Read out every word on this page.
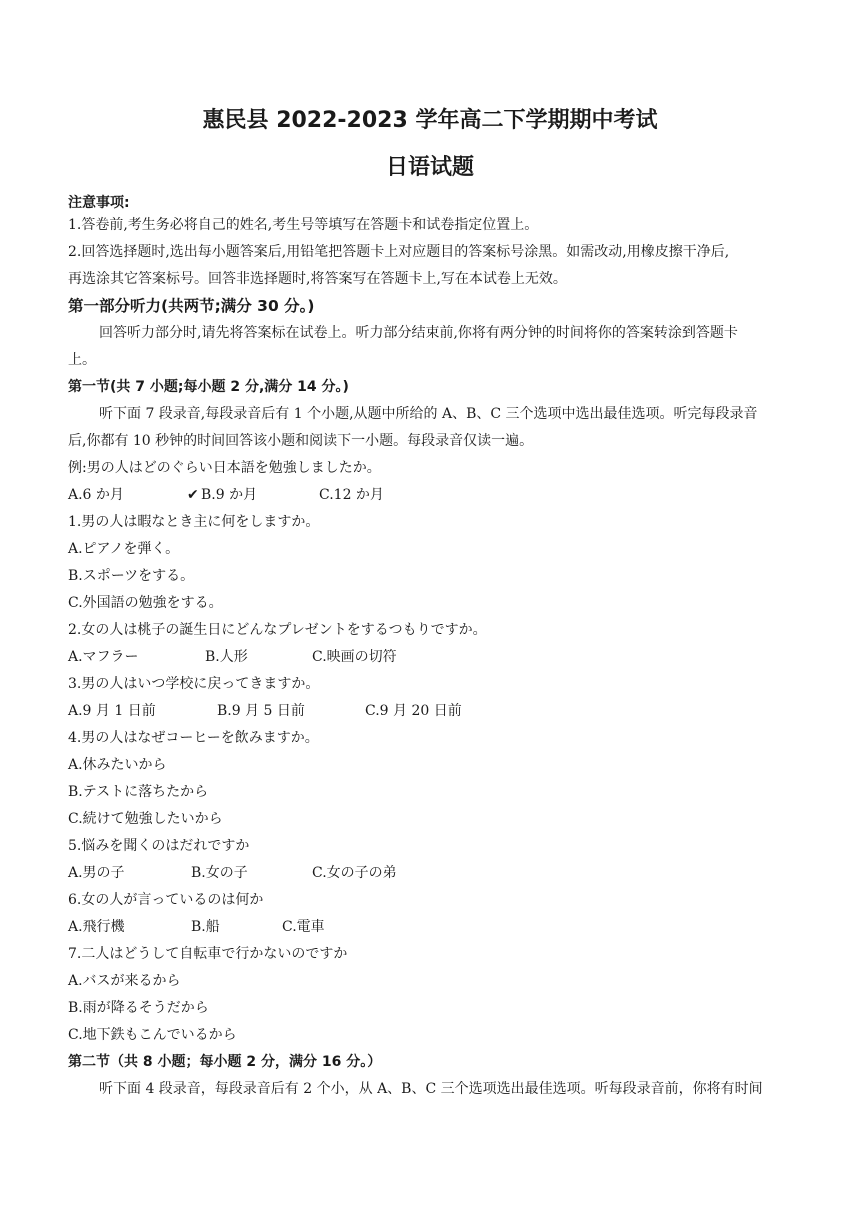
惠民县 2022-2023 学年高二下学期期中考试
日语试题
注意事项:
1.答卷前,考生务必将自己的姓名,考生号等填写在答题卡和试卷指定位置上。
2.回答选择题时,选出每小题答案后,用铅笔把答题卡上对应题目的答案标号涂黑。如需改动,用橡皮擦干净后,
再选涂其它答案标号。回答非选择题时,将答案写在答题卡上,写在本试卷上无效。
第一部分听力(共两节;满分 30 分。)
回答听力部分时,请先将答案标在试卷上。听力部分结束前,你将有两分钟的时间将你的答案转涂到答题卡
上。
第一节(共 7 小题;每小题 2 分,满分 14 分。)
听下面 7 段录音,每段录音后有 1 个小题,从题中所给的 A、B、C 三个选项中选出最佳选项。听完每段录音
后,你都有 10 秒钟的时间回答该小题和阅读下一小题。每段录音仅读一遍。
例:男の人はどのぐらい日本語を勉強しましたか。
A.6 か月	✔ B.9 か月	C.12 か月
1.男の人は暇なとき主に何をしますか。
A.ピアノを弾く。
B.スポーツをする。
C.外国語の勉強をする。
2.女の人は桃子の誕生日にどんなプレゼントをするつもりですか。
A.マフラー	B.人形	C.映画の切符
3.男の人はいつ学校に戻ってきますか。
A.9 月 1 日前	B.9 月 5 日前	C.9 月 20 日前
4.男の人はなぜコーヒーを飲みますか。
A.休みたいから
B.テストに落ちたから
C.続けて勉強したいから
5.悩みを聞くのはだれですか
A.男の子	B.女の子	C.女の子の弟
6.女の人が言っているのは何か
A.飛行機	B.船	C.電車
7.二人はどうして自転車で行かないのですか
A.バスが来るから
B.雨が降るそうだから
C.地下鉄もこんでいるから
第二节（共 8 小题；每小题 2 分，满分 16 分。）
听下面 4 段录音，每段录音后有 2 个小，从 A、B、C 三个选项选出最佳选项。听每段录音前，你将有时间
